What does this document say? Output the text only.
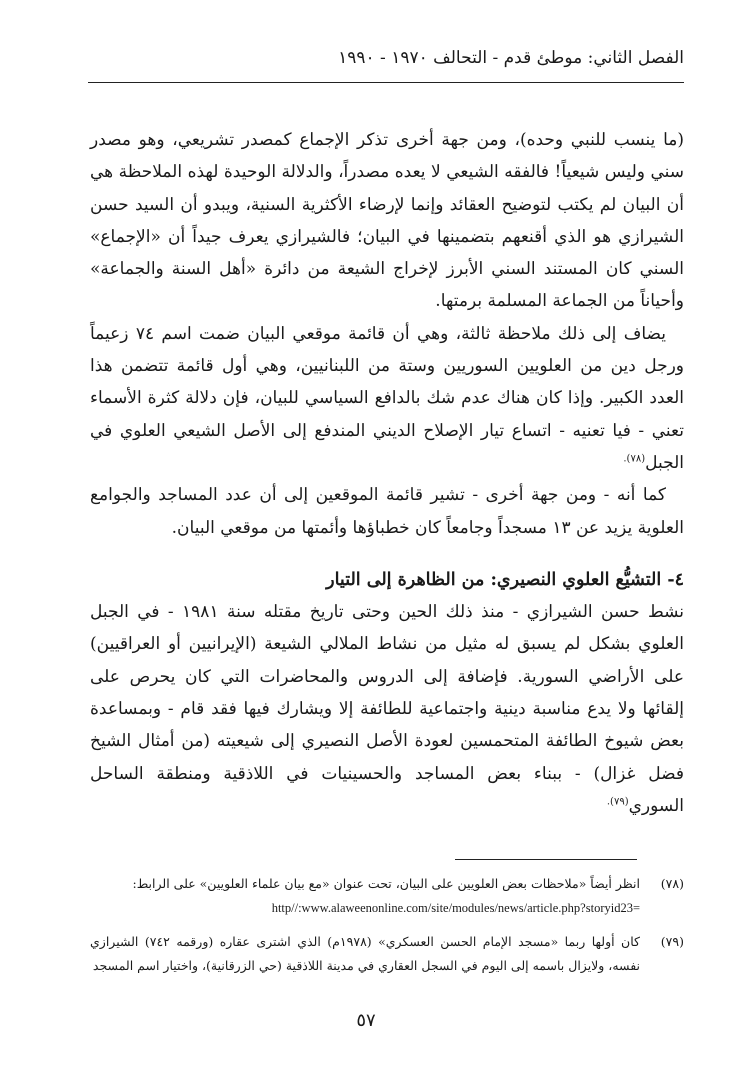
الفصل الثاني: موطئ قدم - التحالف ١٩٧٠ - ١٩٩٠

(ما ينسب للنبي وحده)، ومن جهة أخرى تذكر الإجماع كمصدر تشريعي، وهو مصدر سني وليس شيعياً! فالفقه الشيعي لا يعده مصدراً، والدلالة الوحيدة لهذه الملاحظة هي أن البيان لم يكتب لتوضيح العقائد وإنما لإرضاء الأكثرية السنية، ويبدو أن السيد حسن الشيرازي هو الذي أقنعهم بتضمينها في البيان؛ فالشيرازي يعرف جيداً أن «الإجماع» السني كان المستند السني الأبرز لإخراج الشيعة من دائرة «أهل السنة والجماعة» وأحياناً من الجماعة المسلمة برمتها.

يضاف إلى ذلك ملاحظة ثالثة، وهي أن قائمة موقعي البيان ضمت اسم ٧٤ زعيماً ورجل دين من العلويين السوريين وستة من اللبنانيين، وهي أول قائمة تتضمن هذا العدد الكبير. وإذا كان هناك عدم شك بالدافع السياسي للبيان، فإن دلالة كثرة الأسماء تعني - فيا تعنيه - اتساع تيار الإصلاح الديني المندفع إلى الأصل الشيعي العلوي في الجبل$^{(٧٨).}$

كما أنه - ومن جهة أخرى - تشير قائمة الموقعين إلى أن عدد المساجد والجوامع العلوية يزيد عن ١٣ مسجداً وجامعاً كان خطباؤها وأئمتها من موقعي البيان.

٤- التشيُّع العلوي النصيري: من الظاهرة إلى التيار

نشط حسن الشيرازي - منذ ذلك الحين وحتى تاريخ مقتله سنة ١٩٨١ - في الجبل العلوي بشكل لم يسبق له مثيل من نشاط الملالي الشيعة (الإيرانيين أو العراقيين) على الأراضي السورية. فإضافة إلى الدروس والمحاضرات التي كان يحرص على إلقائها ولا يدع مناسبة دينية واجتماعية للطائفة إلا ويشارك فيها فقد قام - وبمساعدة بعض شيوخ الطائفة المتحمسين لعودة الأصل النصيري إلى شيعيته (من أمثال الشيخ فضل غزال) - ببناء بعض المساجد والحسينيات في اللاذقية ومنطقة الساحل السوري$^{(٧٩).}$

(٧٨)
انظر أيضاً «ملاحظات بعض العلويين على البيان، تحت عنوان «مع بيان علماء العلويين» على الرابط:
http//:www.alaweenonline.com/site/modules/news/article.php?storyid23=
(٧٩)
كان أولها ربما «مسجد الإمام الحسن العسكري» (١٩٧٨م) الذي اشترى عقاره (ورقمه ٧٤٢) الشيرازي نفسه، ولايزال باسمه إلى اليوم في السجل العقاري في مدينة اللاذقية (حي الزرقانية)، واختيار اسم المسجد
٥٧
